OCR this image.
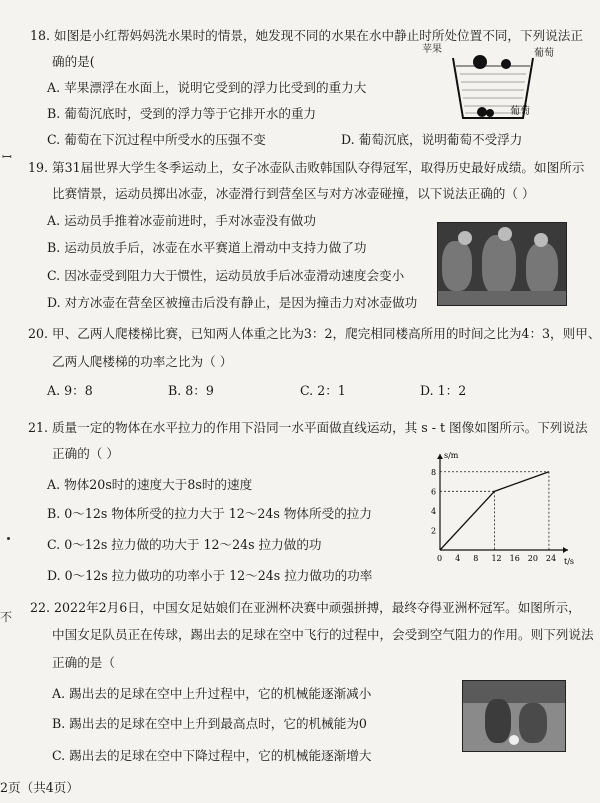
18. 如图是小红帮妈妈洗水果时的情景，她发现不同的水果在水中静止时所处位置不同，下列说法正
确的是(
A. 苹果漂浮在水面上，说明它受到的浮力比受到的重力大
B. 葡萄沉底时，受到的浮力等于它排开水的重力
C. 葡萄在下沉过程中所受水的压强不变	D. 葡萄沉底，说明葡萄不受浮力
苹果	葡萄
葡萄
ꟷ
不
19. 第31届世界大学生冬季运动上，女子冰壶队击败韩国队夺得冠军，取得历史最好成绩。如图所示
比赛情景，运动员掷出冰壶，冰壶滑行到营垒区与对方冰壶碰撞，以下说法正确的（ ）
A. 运动员手推着冰壶前进时，手对冰壶没有做功
B. 运动员放手后，冰壶在水平赛道上滑动中支持力做了功
C. 因冰壶受到阻力大于惯性，运动员放手后冰壶滑动速度会变小
D. 对方冰壶在营垒区被撞击后没有静止，是因为撞击力对冰壶做功
20. 甲、乙两人爬楼梯比赛，已知两人体重之比为3：2，爬完相同楼高所用的时间之比为4：3，则甲、
乙两人爬楼梯的功率之比为（ ）
A. 9：8	B. 8：9	C. 2：1	D. 1：2
21. 质量一定的物体在水平拉力的作用下沿同一水平面做直线运动，其 s - t 图像如图所示。下列说法
正确的（ ）
A. 物体20s时的速度大于8s时的速度
B. 0～12s 物体所受的拉力大于 12～24s 物体所受的拉力
C. 0～12s 拉力做的功大于 12～24s 拉力做的功
D. 0～12s 拉力做功的功率小于 12～24s 拉力做功的功率
s/m
t/s
0 4 8 12 16 20 24
2
4
6
8
22. 2022年2月6日，中国女足姑娘们在亚洲杯决赛中顽强拼搏，最终夺得亚洲杯冠军。如图所示，
中国女足队员正在传球，踢出去的足球在空中飞行的过程中，会受到空气阻力的作用。则下列说法
正确的是（
A. 踢出去的足球在空中上升过程中，它的机械能逐渐减小
B. 踢出去的足球在空中上升到最高点时，它的机械能为0
C. 踢出去的足球在空中下降过程中，它的机械能逐渐增大
2页（共4页）
